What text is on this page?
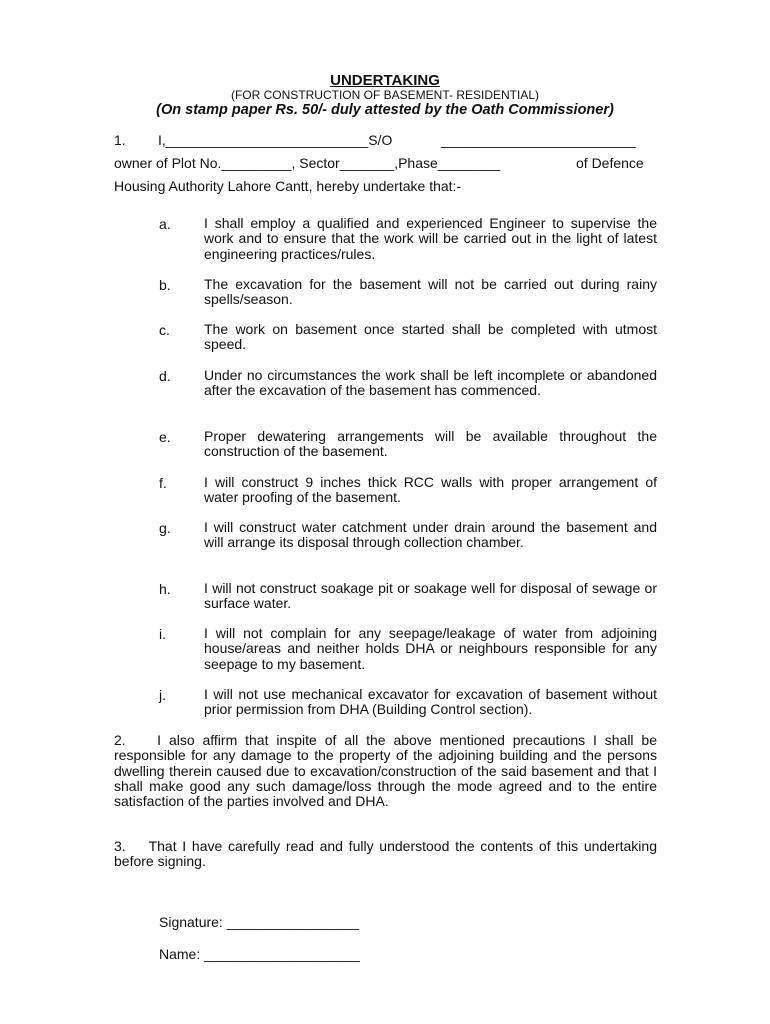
UNDERTAKING
(FOR CONSTRUCTION OF BASEMENT- RESIDENTIAL)
(On stamp paper Rs. 50/- duly attested by the Oath Commissioner)
1. I,__________________________S/O	_________________________
owner of Plot No._________, Sector_______,Phase________	of Defence
Housing Authority Lahore Cantt, hereby undertake that:-
a. I shall employ a qualified and experienced Engineer to supervise the work and to ensure that the work will be carried out in the light of latest engineering practices/rules.
b. The excavation for the basement will not be carried out during rainy spells/season.
c. The work on basement once started shall be completed with utmost speed.
d. Under no circumstances the work shall be left incomplete or abandoned after the excavation of the basement has commenced.
e. Proper dewatering arrangements will be available throughout the construction of the basement.
f.	I will construct 9 inches thick RCC walls with proper arrangement of water proofing of the basement.
g. I will construct water catchment under drain around the basement and will arrange its disposal through collection chamber.
h. I will not construct soakage pit or soakage well for disposal of sewage or surface water.
i.	I will not complain for any seepage/leakage of water from adjoining house/areas and neither holds DHA or neighbours responsible for any seepage to my basement.
j.	I will not use mechanical excavator for excavation of basement without prior permission from DHA (Building Control section).
2.    I also affirm that inspite of all the above mentioned precautions I shall be responsible for any damage to the property of the adjoining building and the persons dwelling therein caused due to excavation/construction of the said basement and that I shall make good any such damage/loss through the mode agreed and to the entire satisfaction of the parties involved and DHA.
3.    That I have carefully read and fully understood the contents of this undertaking before signing.
Signature: _________________
Name: ____________________
